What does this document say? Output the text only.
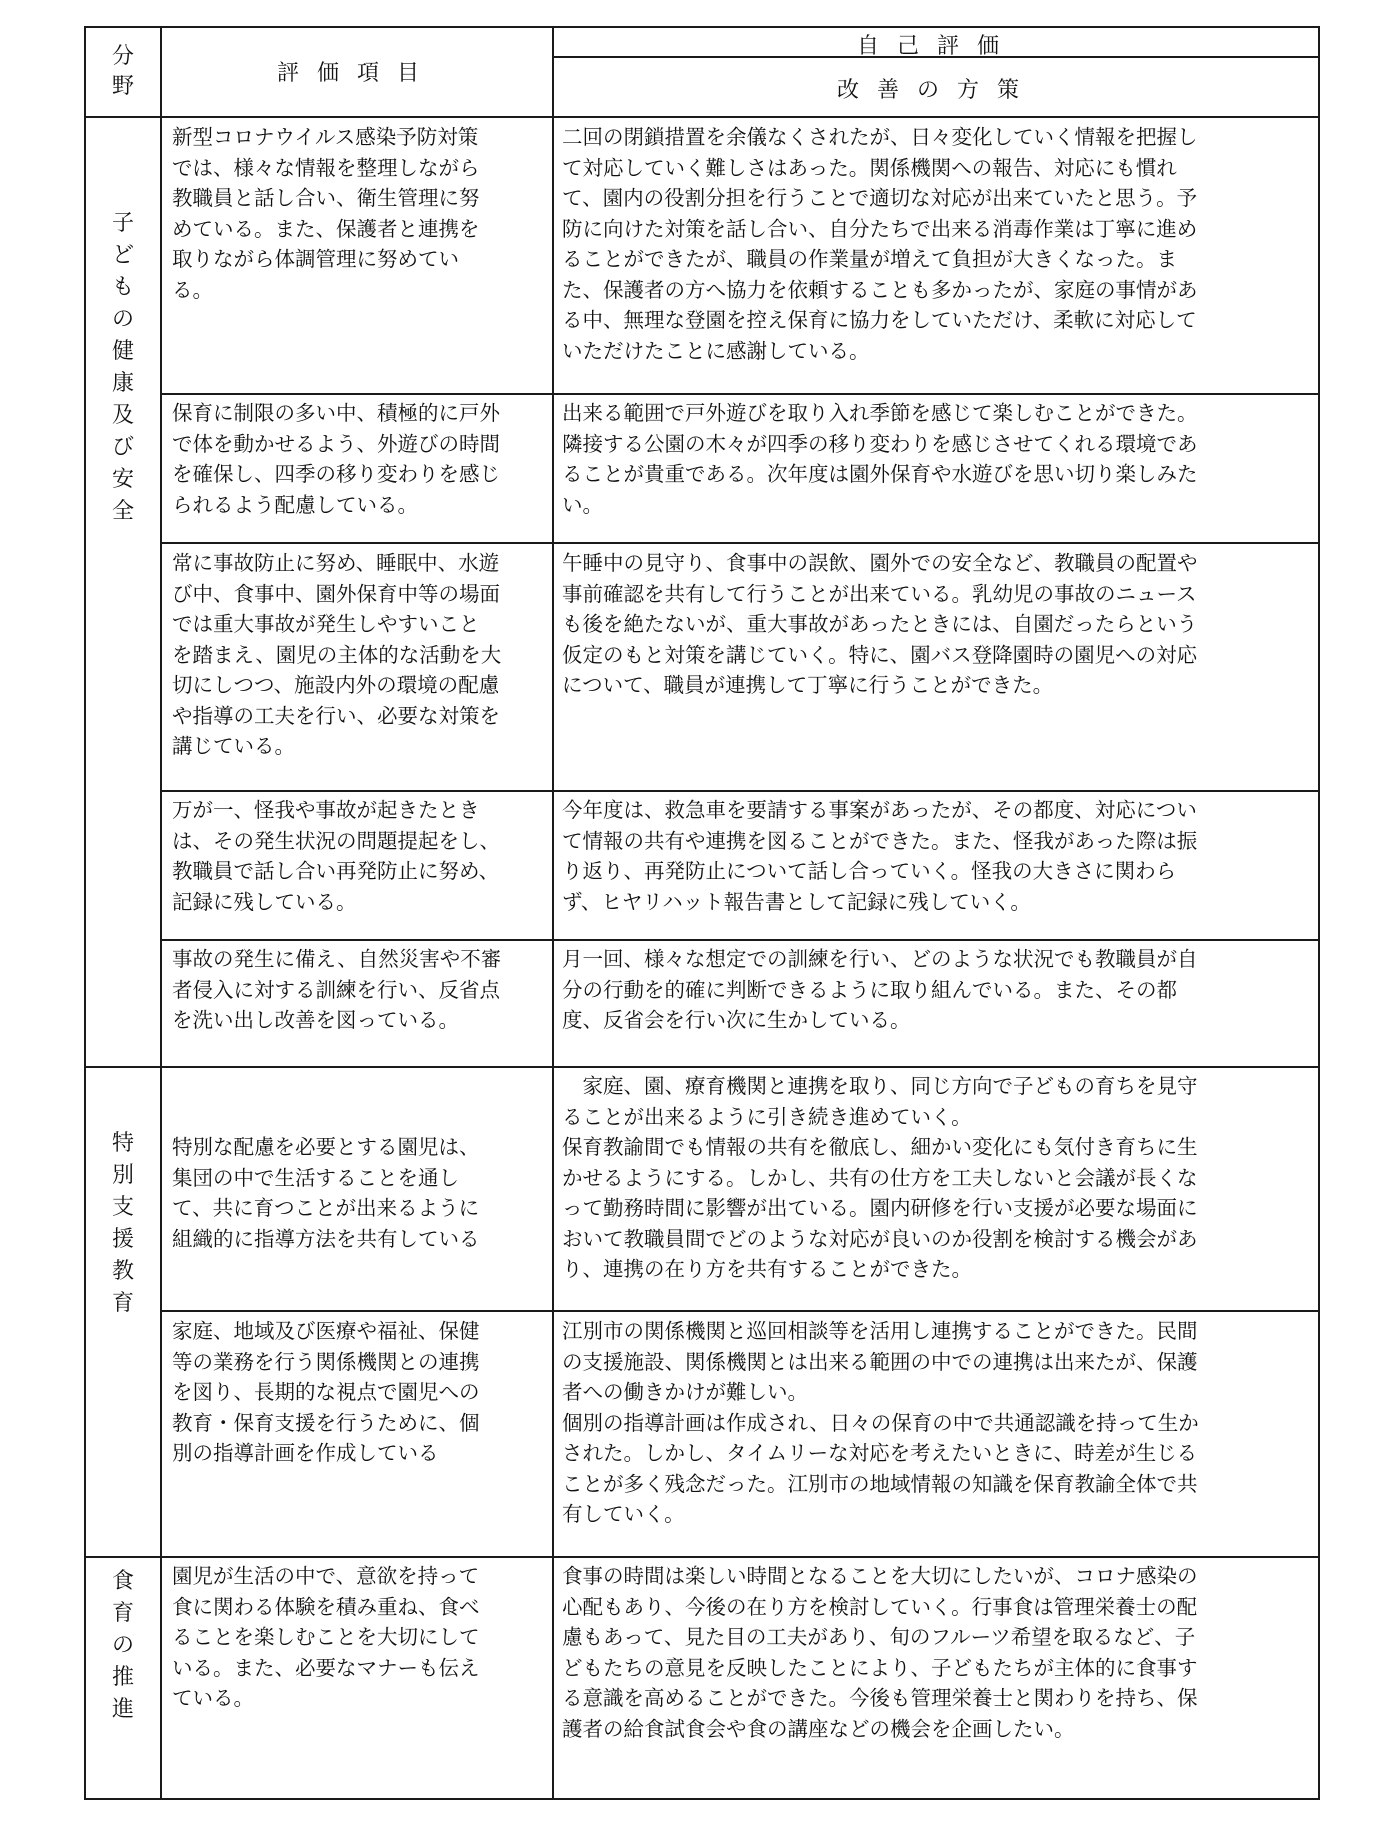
分
野
評価項目
自己評価
改善の方策
子
ど
も
の
健
康
及
び
安
全
新型コロナウイルス感染予防対策
では、様々な情報を整理しながら
教職員と話し合い、衛生管理に努
めている。また、保護者と連携を
取りながら体調管理に努めてい
る。
二回の閉鎖措置を余儀なくされたが、日々変化していく情報を把握し
て対応していく難しさはあった。関係機関への報告、対応にも慣れ
て、園内の役割分担を行うことで適切な対応が出来ていたと思う。予
防に向けた対策を話し合い、自分たちで出来る消毒作業は丁寧に進め
ることができたが、職員の作業量が増えて負担が大きくなった。ま
た、保護者の方へ協力を依頼することも多かったが、家庭の事情があ
る中、無理な登園を控え保育に協力をしていただけ、柔軟に対応して
いただけたことに感謝している。
保育に制限の多い中、積極的に戸外
で体を動かせるよう、外遊びの時間
を確保し、四季の移り変わりを感じ
られるよう配慮している。
出来る範囲で戸外遊びを取り入れ季節を感じて楽しむことができた。
隣接する公園の木々が四季の移り変わりを感じさせてくれる環境であ
ることが貴重である。次年度は園外保育や水遊びを思い切り楽しみた
い。
常に事故防止に努め、睡眠中、水遊
び中、食事中、園外保育中等の場面
では重大事故が発生しやすいこと
を踏まえ、園児の主体的な活動を大
切にしつつ、施設内外の環境の配慮
や指導の工夫を行い、必要な対策を
講じている。
午睡中の見守り、食事中の誤飲、園外での安全など、教職員の配置や
事前確認を共有して行うことが出来ている。乳幼児の事故のニュース
も後を絶たないが、重大事故があったときには、自園だったらという
仮定のもと対策を講じていく。特に、園バス登降園時の園児への対応
について、職員が連携して丁寧に行うことができた。
万が一、怪我や事故が起きたとき
は、その発生状況の問題提起をし、
教職員で話し合い再発防止に努め、
記録に残している。
今年度は、救急車を要請する事案があったが、その都度、対応につい
て情報の共有や連携を図ることができた。また、怪我があった際は振
り返り、再発防止について話し合っていく。怪我の大きさに関わら
ず、ヒヤリハット報告書として記録に残していく。
事故の発生に備え、自然災害や不審
者侵入に対する訓練を行い、反省点
を洗い出し改善を図っている。
月一回、様々な想定での訓練を行い、どのような状況でも教職員が自
分の行動を的確に判断できるように取り組んでいる。また、その都
度、反省会を行い次に生かしている。
特
別
支
援
教
育
特別な配慮を必要とする園児は、
集団の中で生活することを通し
て、共に育つことが出来るように
組織的に指導方法を共有している
　家庭、園、療育機関と連携を取り、同じ方向で子どもの育ちを見守
ることが出来るように引き続き進めていく。
保育教諭間でも情報の共有を徹底し、細かい変化にも気付き育ちに生
かせるようにする。しかし、共有の仕方を工夫しないと会議が長くな
って勤務時間に影響が出ている。園内研修を行い支援が必要な場面に
おいて教職員間でどのような対応が良いのか役割を検討する機会があ
り、連携の在り方を共有することができた。
家庭、地域及び医療や福祉、保健
等の業務を行う関係機関との連携
を図り、長期的な視点で園児への
教育・保育支援を行うために、個
別の指導計画を作成している
江別市の関係機関と巡回相談等を活用し連携することができた。民間
の支援施設、関係機関とは出来る範囲の中での連携は出来たが、保護
者への働きかけが難しい。
個別の指導計画は作成され、日々の保育の中で共通認識を持って生か
された。しかし、タイムリーな対応を考えたいときに、時差が生じる
ことが多く残念だった。江別市の地域情報の知識を保育教諭全体で共
有していく。
食
育
の
推
進
園児が生活の中で、意欲を持って
食に関わる体験を積み重ね、食べ
ることを楽しむことを大切にして
いる。また、必要なマナーも伝え
ている。
食事の時間は楽しい時間となることを大切にしたいが、コロナ感染の
心配もあり、今後の在り方を検討していく。行事食は管理栄養士の配
慮もあって、見た目の工夫があり、旬のフルーツ希望を取るなど、子
どもたちの意見を反映したことにより、子どもたちが主体的に食事す
る意識を高めることができた。今後も管理栄養士と関わりを持ち、保
護者の給食試食会や食の講座などの機会を企画したい。
